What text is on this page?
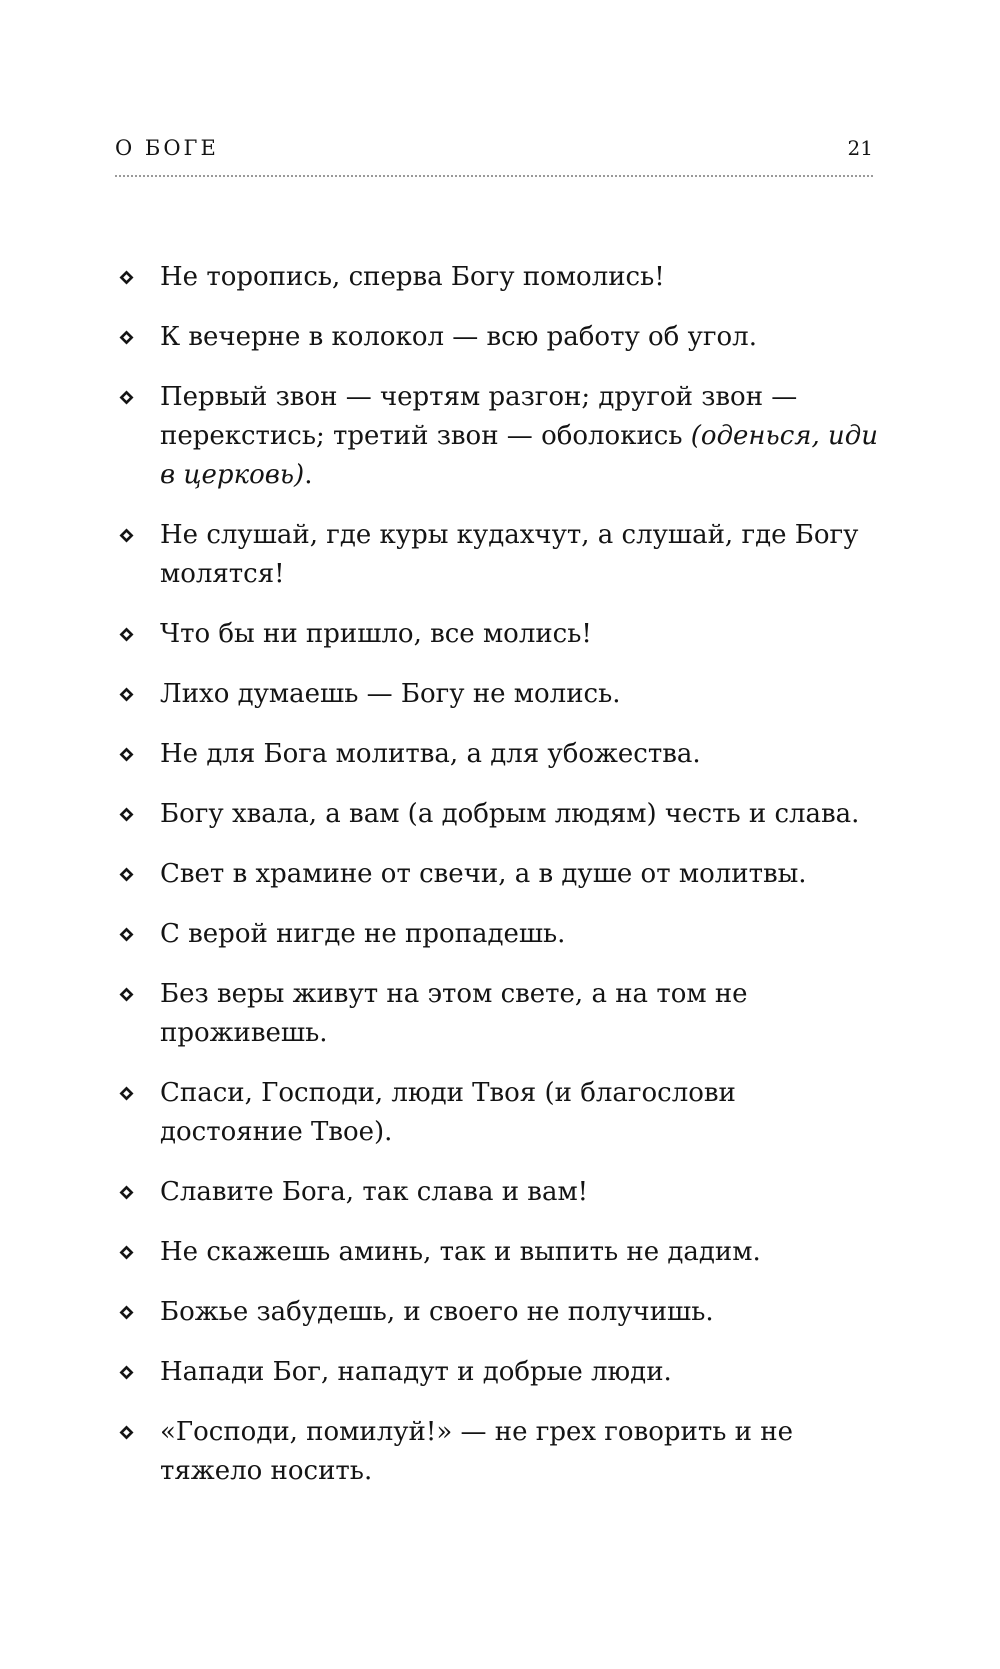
О БОГЕ	21
Не торопись, сперва Богу помолись!
К вечерне в колокол — всю работу об угол.
Первый звон — чертям разгон; другой звон — перекстись; третий звон — оболокись (оденься, иди в церковь).
Не слушай, где куры кудахчут, а слушай, где Богу молятся!
Что бы ни пришло, все молись!
Лихо думаешь — Богу не молись.
Не для Бога молитва, а для убожества.
Богу хвала, а вам (а добрым людям) честь и слава.
Свет в храмине от свечи, а в душе от молитвы.
С верой нигде не пропадешь.
Без веры живут на этом свете, а на том не проживешь.
Спаси, Господи, люди Твоя (и благослови достояние Твое).
Славите Бога, так слава и вам!
Не скажешь аминь, так и выпить не дадим.
Божье забудешь, и своего не получишь.
Напади Бог, нападут и добрые люди.
«Господи, помилуй!» — не грех говорить и не тяжело носить.
